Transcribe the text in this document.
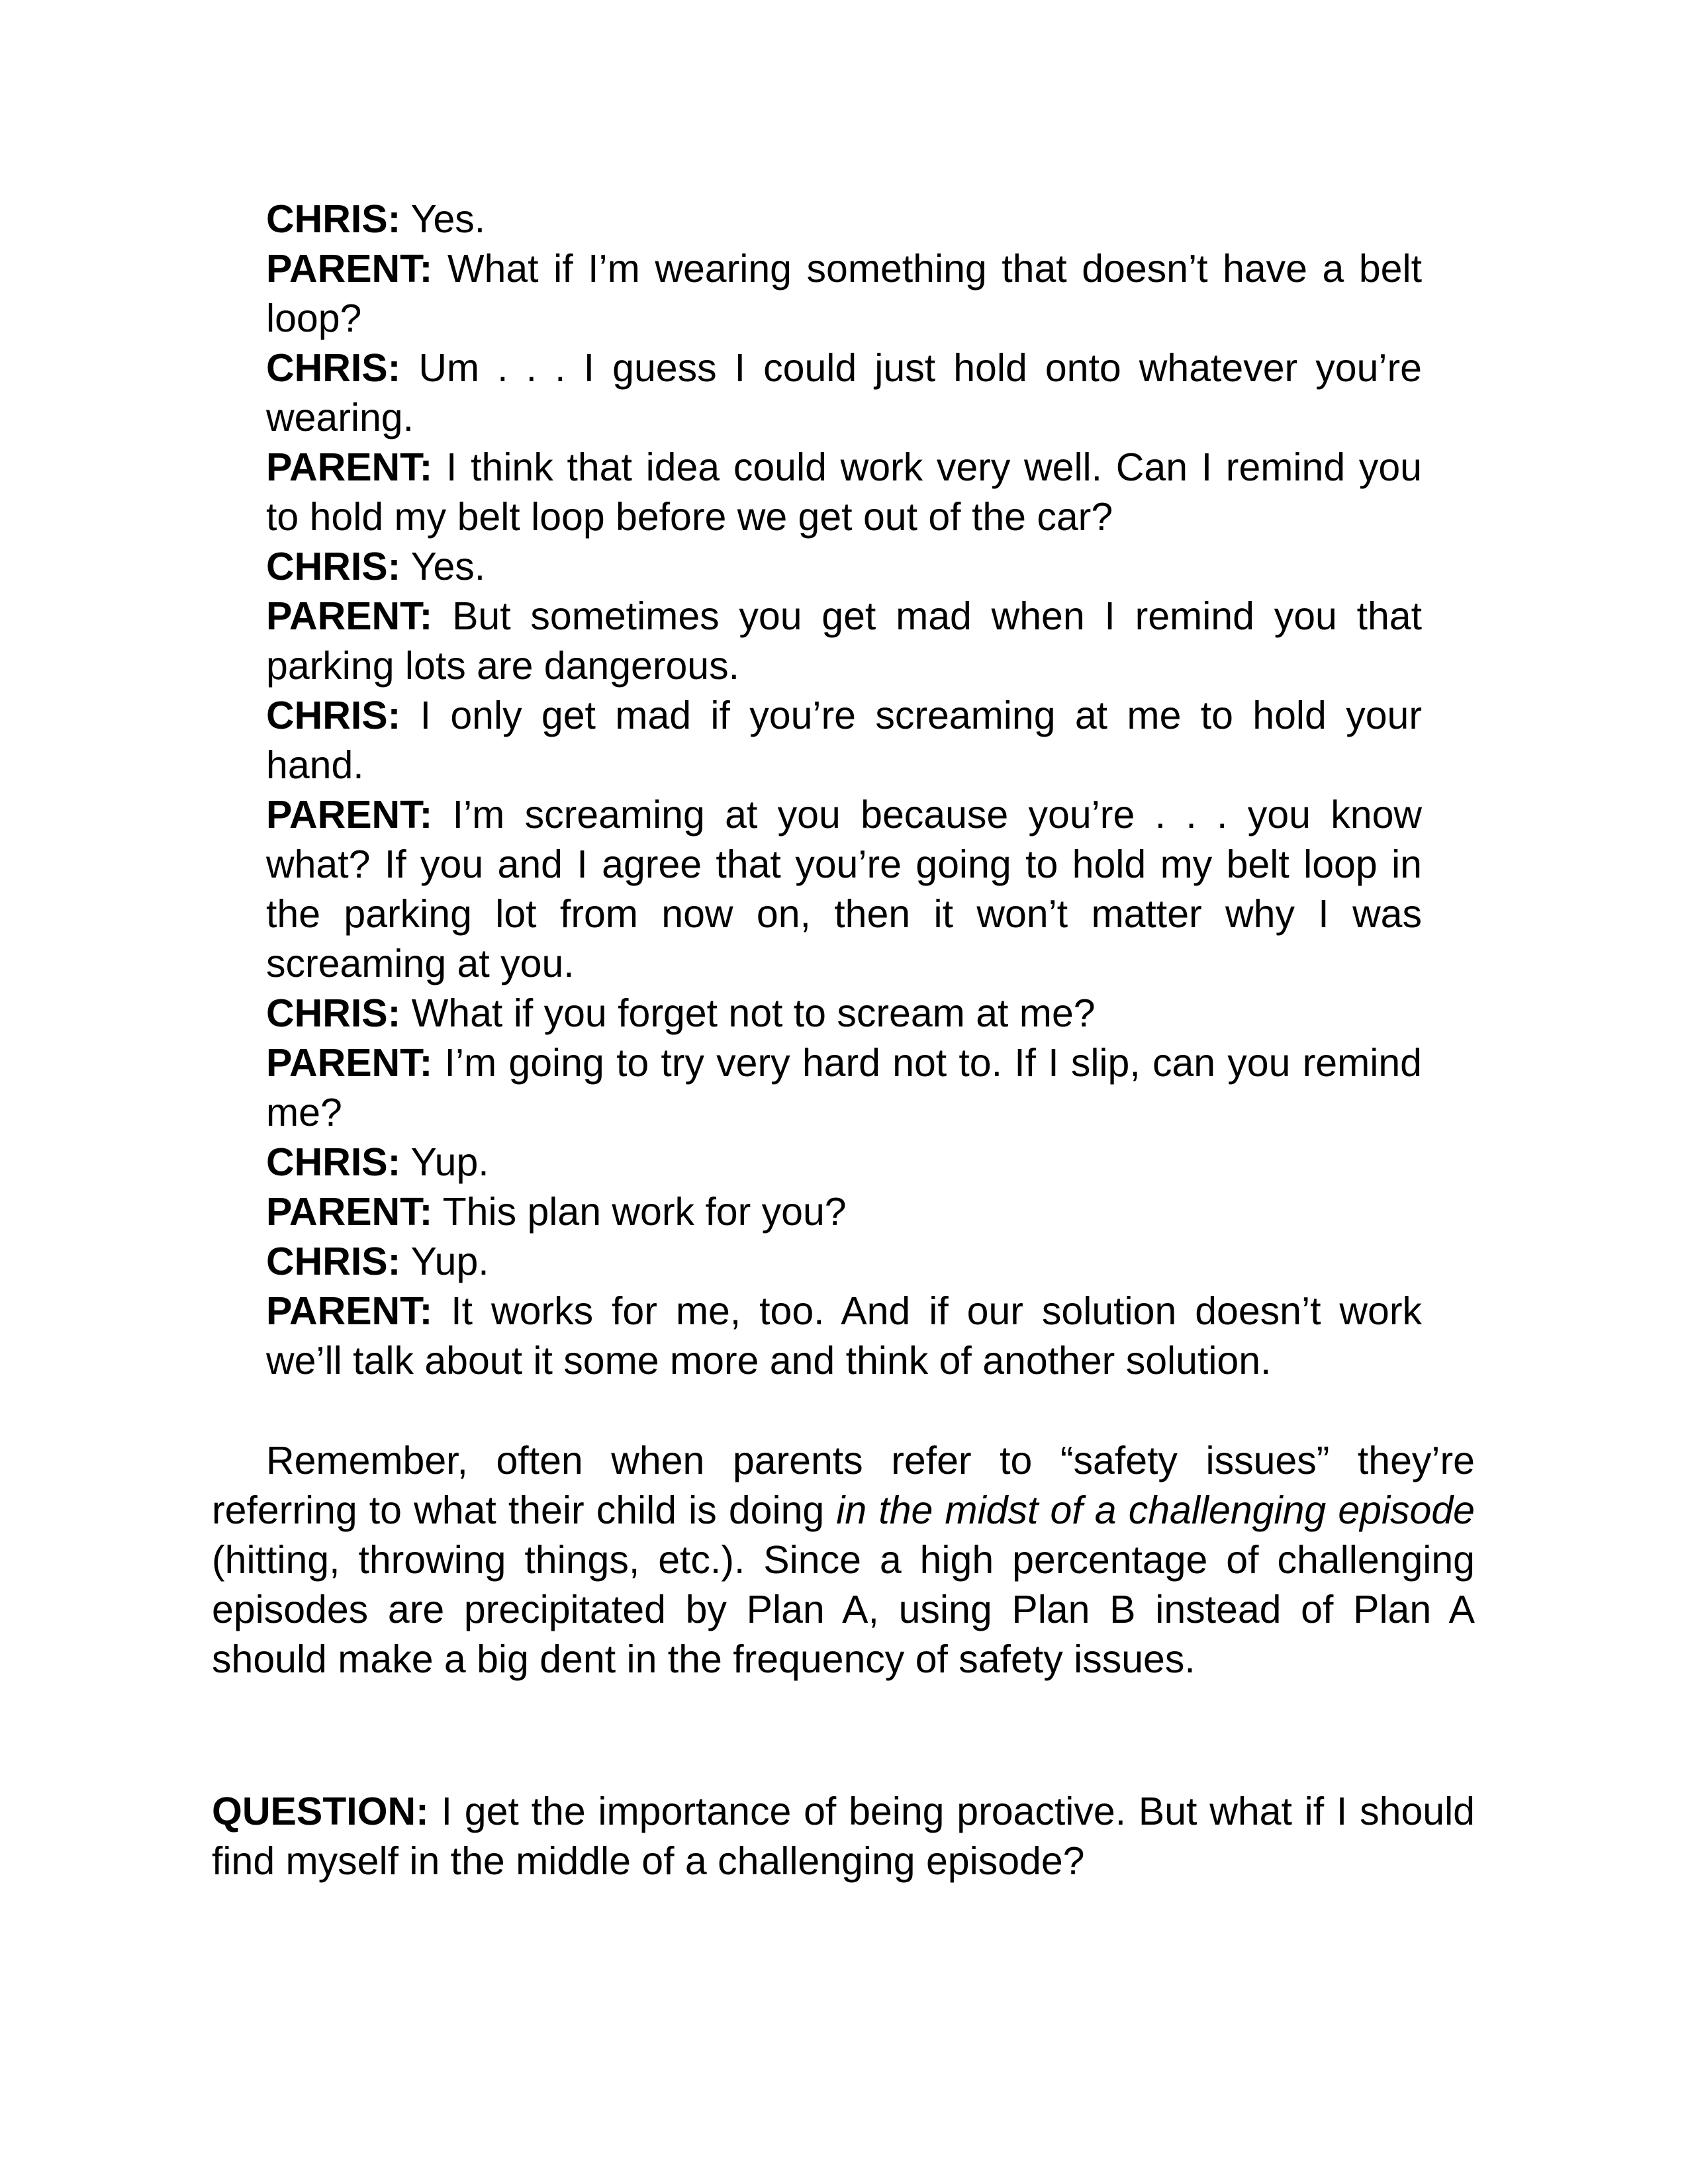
CHRIS: Yes.

PARENT: What if I’m wearing something that doesn’t have a belt loop?

CHRIS: Um . . . I guess I could just hold onto whatever you’re wearing.

PARENT: I think that idea could work very well. Can I remind you to hold my belt loop before we get out of the car?

CHRIS: Yes.

PARENT: But sometimes you get mad when I remind you that parking lots are dangerous.

CHRIS: I only get mad if you’re screaming at me to hold your hand.

PARENT: I’m screaming at you because you’re . . . you know what? If you and I agree that you’re going to hold my belt loop in the parking lot from now on, then it won’t matter why I was screaming at you.

CHRIS: What if you forget not to scream at me?

PARENT: I’m going to try very hard not to. If I slip, can you remind me?

CHRIS: Yup.

PARENT: This plan work for you?

CHRIS: Yup.

PARENT: It works for me, too. And if our solution doesn’t work we’ll talk about it some more and think of another solution.

Remember, often when parents refer to “safety issues” they’re referring to what their child is doing in the midst of a challenging episode (hitting, throwing things, etc.). Since a high percentage of challenging episodes are precipitated by Plan A, using Plan B instead of Plan A should make a big dent in the frequency of safety issues.

QUESTION: I get the importance of being proactive. But what if I should find myself in the middle of a challenging episode?
